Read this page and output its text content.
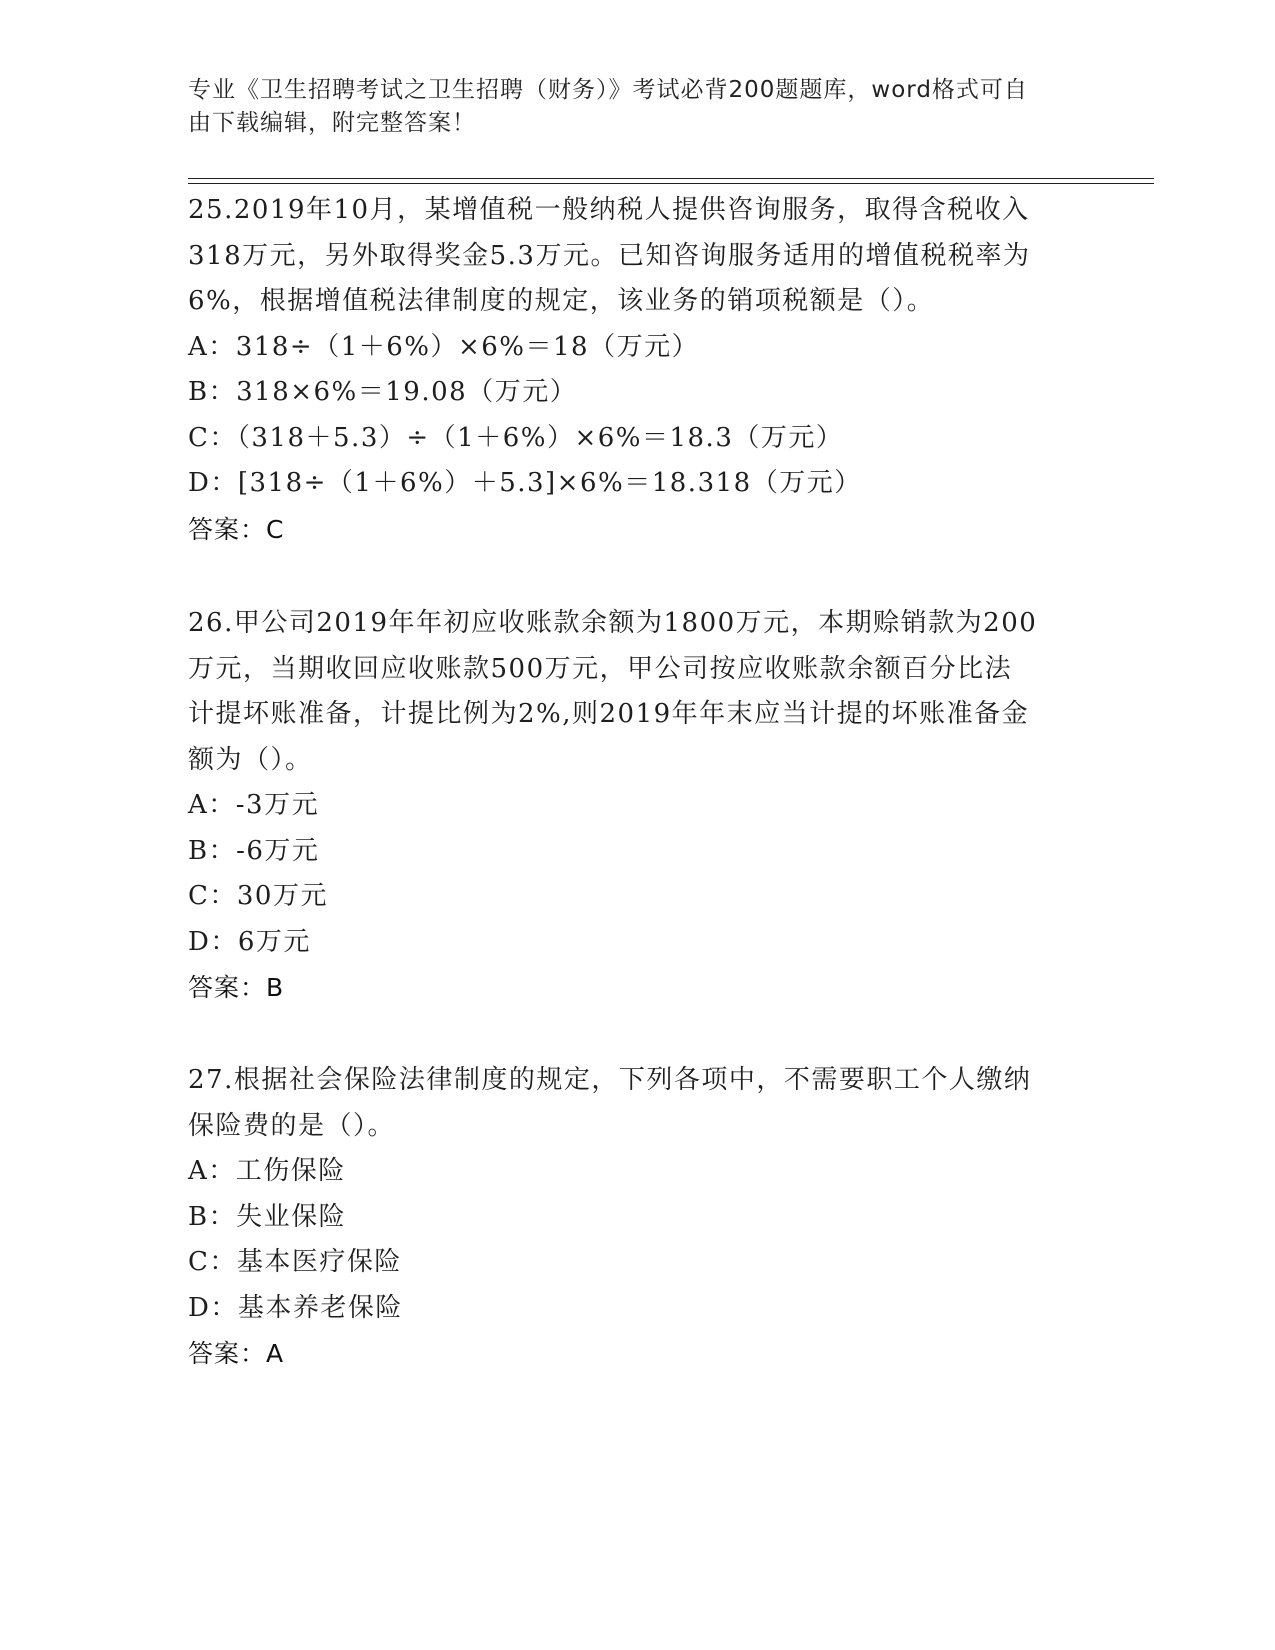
专业《卫生招聘考试之卫生招聘（财务）》考试必背200题题库，word格式可自
由下载编辑，附完整答案！

25.2019年10月，某增值税一般纳税人提供咨询服务，取得含税收入

318万元，另外取得奖金5.3万元。已知咨询服务适用的增值税税率为

6%，根据增值税法律制度的规定，该业务的销项税额是（）。

A：318÷（1＋6%）×6%＝18（万元）

B：318×6%＝19.08（万元）

C：（318＋5.3）÷（1＋6%）×6%＝18.3（万元）

D：[318÷（1＋6%）＋5.3]×6%＝18.318（万元）

答案：C

26.甲公司2019年年初应收账款余额为1800万元，本期赊销款为200

万元，当期收回应收账款500万元，甲公司按应收账款余额百分比法

计提坏账准备，计提比例为2%,则2019年年末应当计提的坏账准备金

额为（）。

A：-3万元

B：-6万元

C：30万元

D：6万元

答案：B

27.根据社会保险法律制度的规定，下列各项中，不需要职工个人缴纳

保险费的是（）。

A：工伤保险

B：失业保险

C：基本医疗保险

D：基本养老保险

答案：A
